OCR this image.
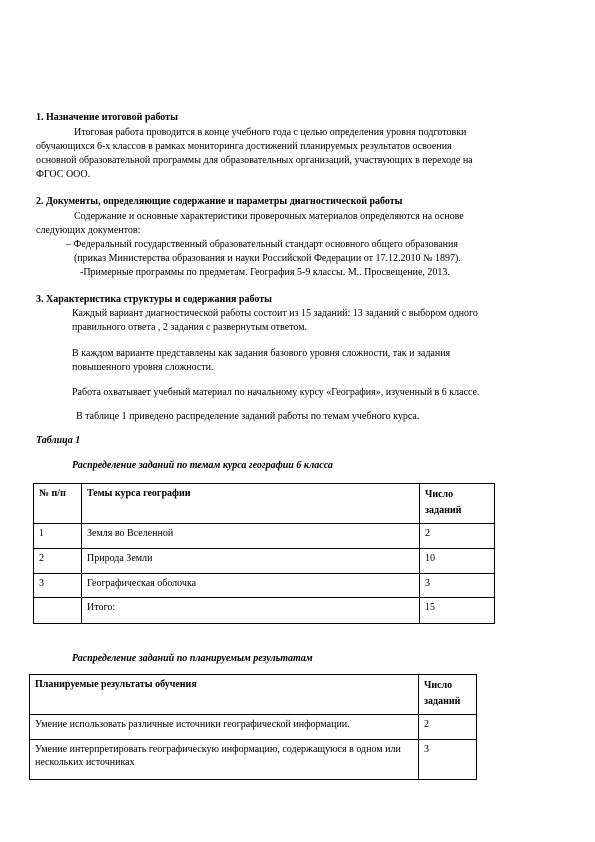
1. Назначение итоговой работы
Итоговая работа проводится в конце учебного года с целью определения уровня подготовки
обучающихся 6-х классов в рамках мониторинга достижений планируемых результатов освоения
основной образовательной программы для образовательных организаций, участвующих в переходе на
ФГОС ООО.
2. Документы, определяющие содержание и параметры диагностической работы
Содержание и основные характеристики проверочных материалов определяются на основе
следующих документов:
– Федеральный государственный образовательный стандарт основного общего образования
(приказ Министерства образования и науки Российской Федерации от 17.12.2010 № 1897).
-Примерные программы по предметам. География 5-9 классы. М.. Просвещение, 2013.
3. Характеристика структуры и содержания работы
Каждый вариант диагностической работы состоит из 15 заданий: 13 заданий с выбором одного
правильного ответа , 2 задания с развернутым ответом.
В каждом варианте представлены как задания базового уровня сложности, так и задания
повышенного уровня сложности.
Работа охватывает учебный материал по начальному курсу «География», изученный в 6 классе.
В таблице 1 приведено распределение заданий работы по темам учебного курса.
Таблица 1
Распределение заданий по темам курса географии 6 класса
№ п/п	Темы курса географии	Число заданий
1	Земля во Вселенной	2
2	Природа Земли	10
3	Географическая оболочка	3
	Итого:	15
Распределение заданий по планируемым результатам
Планируемые результаты обучения	Число заданий
Умение использовать различные источники географической информации.	2
Умение интерпретировать географическую информацию, содержащуюся в одном или нескольких источниках	3
